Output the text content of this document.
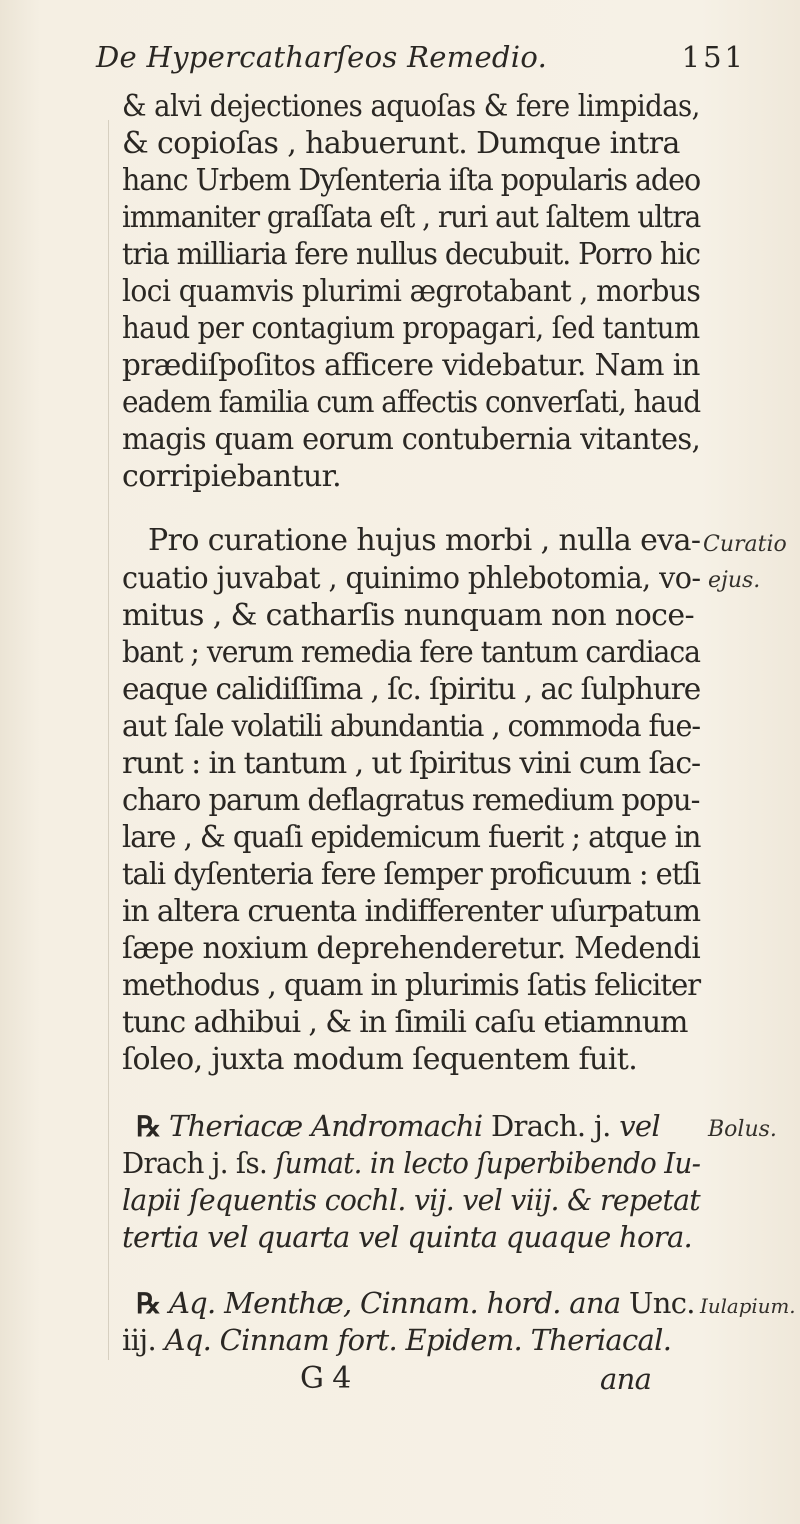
De Hypercatharſeos Remedio.	151
& alvi dejectiones aquoſas & fere limpidas,
& copioſas , habuerunt. Dumque intra
hanc Urbem Dyſenteria iſta popularis adeo
immaniter graſſata eſt , ruri aut ſaltem ultra
tria milliaria fere nullus decubuit. Porro hic
loci quamvis plurimi ægrotabant , morbus
haud per contagium propagari, ſed tantum
prædiſpoſitos afficere videbatur. Nam in
eadem familia cum affectis converſati, haud
magis quam eorum contubernia vitantes,
corripiebantur.
Pro curatione hujus morbi , nulla eva-
cuatio juvabat , quinimo phlebotomia, vo-
mitus , & catharſis nunquam non noce-
bant ; verum remedia fere tantum cardiaca
eaque calidiſſima , ſc. ſpiritu , ac ſulphure
aut ſale volatili abundantia , commoda fue-
runt : in tantum , ut ſpiritus vini cum ſac-
charo parum deflagratus remedium popu-
lare , & quaſi epidemicum fuerit ; atque in
tali dyſenteria fere ſemper proficuum : etſi
in altera cruenta indifferenter uſurpatum
ſæpe noxium deprehenderetur. Medendi
methodus , quam in plurimis ſatis feliciter
tunc adhibui , & in ſimili caſu etiamnum
ſoleo, juxta modum ſequentem fuit.
℞ Theriacæ Andromachi Drach. j. vel
Drach j. ſs. ſumat. in lecto ſuperbibendo Iu-
lapii ſequentis cochl. vij. vel viij. & repetat
tertia vel quarta vel quinta quaque hora.
℞ Aq. Menthæ, Cinnam. hord. ana Unc.
iij. Aq. Cinnam fort. Epidem. Theriacal.
G 4	ana
Curatio
ejus.
Bolus.
Iulapium.
